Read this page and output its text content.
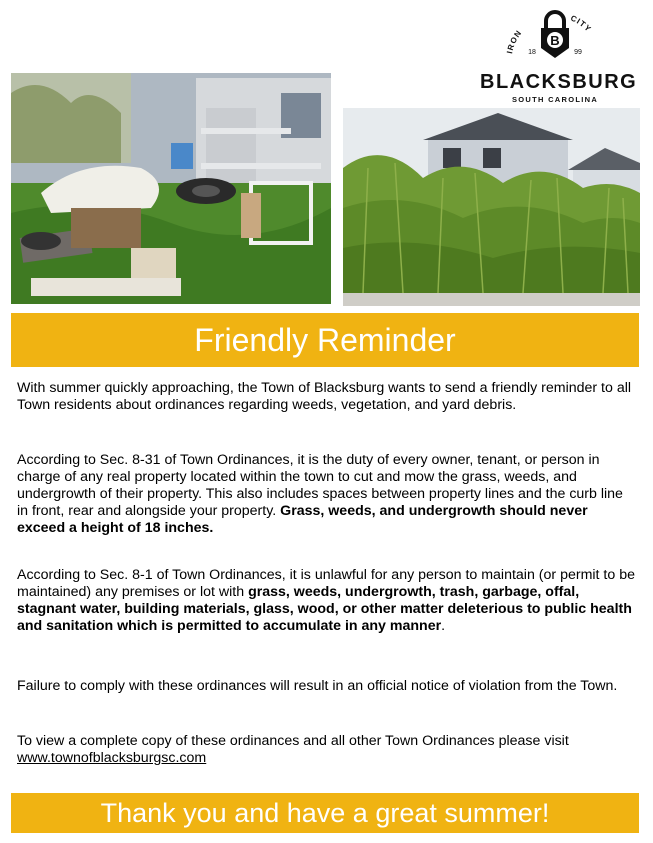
IRON
CITY
B
18	99
BLACKSBURG
SOUTH CAROLINA
Friendly Reminder

With summer quickly approaching, the Town of Blacksburg wants to send a friendly reminder to all Town residents about ordinances regarding weeds, vegetation, and yard debris.

According to Sec. 8-31 of Town Ordinances, it is the duty of every owner, tenant, or person in charge of any real property located within the town to cut and mow the grass, weeds, and undergrowth of their property. This also includes spaces between property lines and the curb line in front, rear and alongside your property. Grass, weeds, and undergrowth should never exceed a height of 18 inches.

According to Sec. 8-1 of Town Ordinances, it is unlawful for any person to maintain (or permit to be maintained) any premises or lot with grass, weeds, undergrowth, trash, garbage, offal, stagnant water, building materials, glass, wood, or other matter deleterious to public health and sanitation which is permitted to accumulate in any manner.

Failure to comply with these ordinances will result in an official notice of violation from the Town.

To view a complete copy of these ordinances and all other Town Ordinances please visit www.townofblacksburgsc.com

Thank you and have a great summer!
